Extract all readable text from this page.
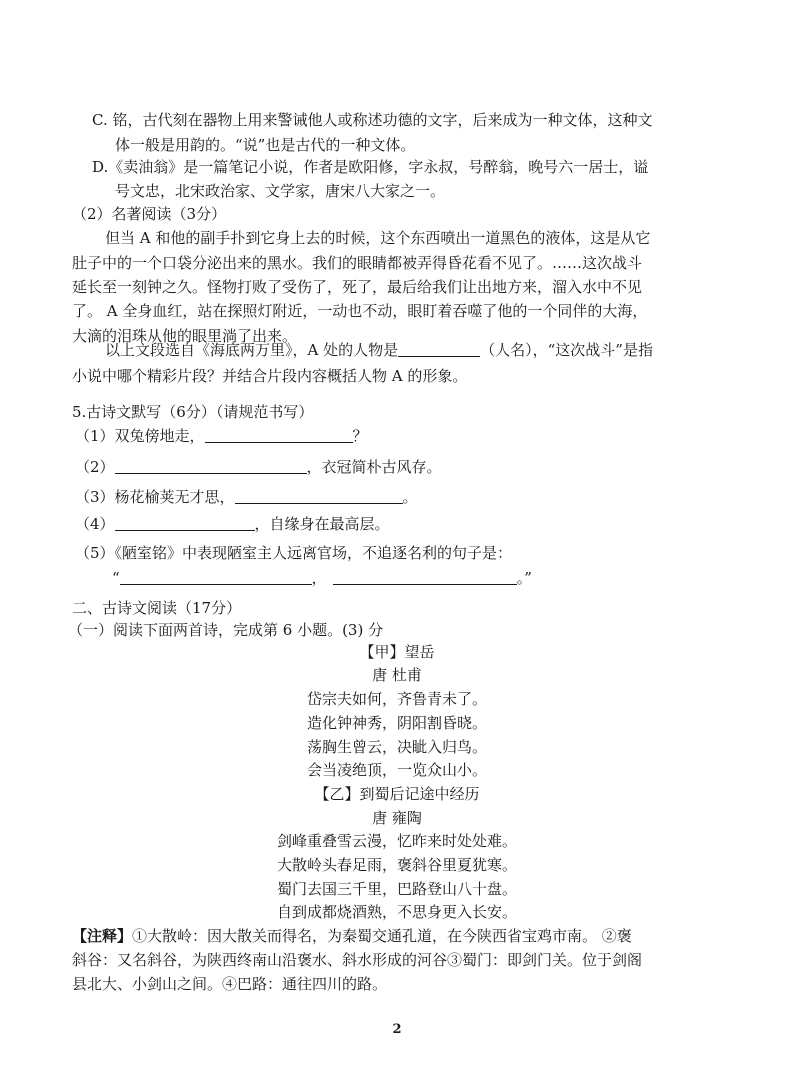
C. 铭，古代刻在器物上用来警诫他人或称述功德的文字，后来成为一种文体，这种文
体一般是用韵的。“说”也是古代的一种文体。
D.《卖油翁》是一篇笔记小说，作者是欧阳修，字永叔，号醉翁，晚号六一居士，谥
号文忠，北宋政治家、文学家，唐宋八大家之一。
（2）名著阅读（3分）
但当 A 和他的副手扑到它身上去的时候，这个东西喷出一道黑色的液体，这是从它
肚子中的一个口袋分泌出来的黑水。我们的眼睛都被弄得昏花看不见了。……这次战斗
延长至一刻钟之久。怪物打败了受伤了，死了，最后给我们让出地方来，溜入水中不见
了。 A 全身血红，站在探照灯附近，一动也不动，眼盯着吞噬了他的一个同伴的大海，
大滴的泪珠从他的眼里淌了出来。
以上文段选自《海底两万里》，A 处的人物是	（人名），“这次战斗”是指
小说中哪个精彩片段？并结合片段内容概括人物 A 的形象。
5.古诗文默写（6分）（请规范书写）
（1）双兔傍地走，	？
（2）	，衣冠简朴古风存。
（3）杨花榆荚无才思，	。
（4）	，自缘身在最高层。
（5）《陋室铭》中表现陋室主人远离官场，不追逐名利的句子是：
“	，	。”
二、古诗文阅读（17分）
（一）阅读下面两首诗，完成第 6 小题。(3) 分
【甲】望岳
唐 杜甫
岱宗夫如何，齐鲁青未了。
造化钟神秀，阴阳割昏晓。
荡胸生曾云，决眦入归鸟。
会当凌绝顶，一览众山小。
【乙】到蜀后记途中经历
唐 雍陶
剑峰重叠雪云漫，忆昨来时处处难。
大散岭头春足雨，褒斜谷里夏犹寒。
蜀门去国三千里，巴路登山八十盘。
自到成都烧酒熟，不思身更入长安。
【注释】①大散岭：因大散关而得名，为秦蜀交通孔道，在今陕西省宝鸡市南。 ②褒
斜谷：又名斜谷，为陕西终南山沿褒水、斜水形成的河谷③蜀门：即剑门关。位于剑阁
县北大、小剑山之间。④巴路：通往四川的路。
2
